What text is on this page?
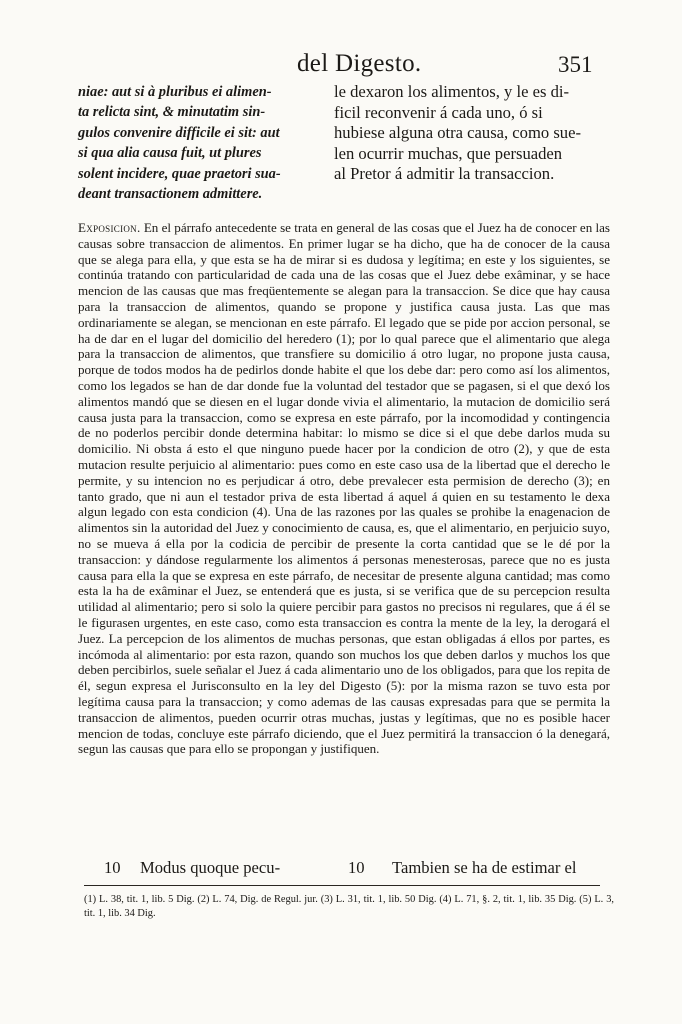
del Digesto.	351
niae: aut si à pluribus ei alimen-
ta relicta sint, & minutatim sin-
gulos convenire difficile ei sit: aut
si qua alia causa fuit, ut plures
solent incidere, quae praetori sua-
deant transactionem admittere.
le dexaron los alimentos, y le es di-
ficil reconvenir á cada uno, ó si
hubiese alguna otra causa, como sue-
len ocurrir muchas, que persuaden
al Pretor á admitir la transaccion.
Exposicion. En el párrafo antecedente se trata en general de las cosas que el Juez ha de conocer en las causas sobre transaccion de alimentos. En primer lugar se ha dicho, que ha de conocer de la causa que se alega para ella, y que esta se ha de mirar si es dudosa y legítima; en este y los siguientes, se continúa tratando con particularidad de cada una de las cosas que el Juez debe exâminar, y se hace mencion de las causas que mas freqüentemente se alegan para la transaccion. Se dice que hay causa para la transaccion de alimentos, quando se propone y justifica causa justa. Las que mas ordinariamente se alegan, se mencionan en este párrafo. El legado que se pide por accion personal, se ha de dar en el lugar del domicilio del heredero (1); por lo qual parece que el alimentario que alega para la transaccion de alimentos, que transfiere su domicilio á otro lugar, no propone justa causa, porque de todos modos ha de pedirlos donde habite el que los debe dar: pero como así los alimentos, como los legados se han de dar donde fue la voluntad del testador que se pagasen, si el que dexó los alimentos mandó que se diesen en el lugar donde vivia el alimentario, la mutacion de domicilio será causa justa para la transaccion, como se expresa en este párrafo, por la incomodidad y contingencia de no poderlos percibir donde determina habitar: lo mismo se dice si el que debe darlos muda su domicilio. Ni obsta á esto el que ninguno puede hacer por la condicion de otro (2), y que de esta mutacion resulte perjuicio al alimentario: pues como en este caso usa de la libertad que el derecho le permite, y su intencion no es perjudicar á otro, debe prevalecer esta permision de derecho (3); en tanto grado, que ni aun el testador priva de esta libertad á aquel á quien en su testamento le dexa algun legado con esta condicion (4). Una de las razones por las quales se prohibe la enagenacion de alimentos sin la autoridad del Juez y conocimiento de causa, es, que el alimentario, en perjuicio suyo, no se mueva á ella por la codicia de percibir de presente la corta cantidad que se le dé por la transaccion: y dándose regularmente los alimentos á personas menesterosas, parece que no es justa causa para ella la que se expresa en este párrafo, de necesitar de presente alguna cantidad; mas como esta la ha de exâminar el Juez, se entenderá que es justa, si se verifica que de su percepcion resulta utilidad al alimentario; pero si solo la quiere percibir para gastos no precisos ni regulares, que á él se le figurasen urgentes, en este caso, como esta transaccion es contra la mente de la ley, la derogará el Juez. La percepcion de los alimentos de muchas personas, que estan obligadas á ellos por partes, es incómoda al alimentario: por esta razon, quando son muchos los que deben darlos y muchos los que deben percibirlos, suele señalar el Juez á cada alimentario uno de los obligados, para que los repita de él, segun expresa el Jurisconsulto en la ley del Digesto (5): por la misma razon se tuvo esta por legítima causa para la transaccion; y como ademas de las causas expresadas para que se permita la transaccion de alimentos, pueden ocurrir otras muchas, justas y legítimas, que no es posible hacer mencion de todas, concluye este párrafo diciendo, que el Juez permitirá la transaccion ó la denegará, segun las causas que para ello se propongan y justifiquen.
10 Modus quoque pecu-	10 Tambien se ha de estimar el
(1) L. 38, tit. 1, lib. 5 Dig. (2) L. 74, Dig. de Regul. jur. (3) L. 31, tit. 1, lib. 50 Dig. (4) L. 71, §. 2, tit. 1, lib. 35 Dig. (5) L. 3, tit. 1, lib. 34 Dig.
